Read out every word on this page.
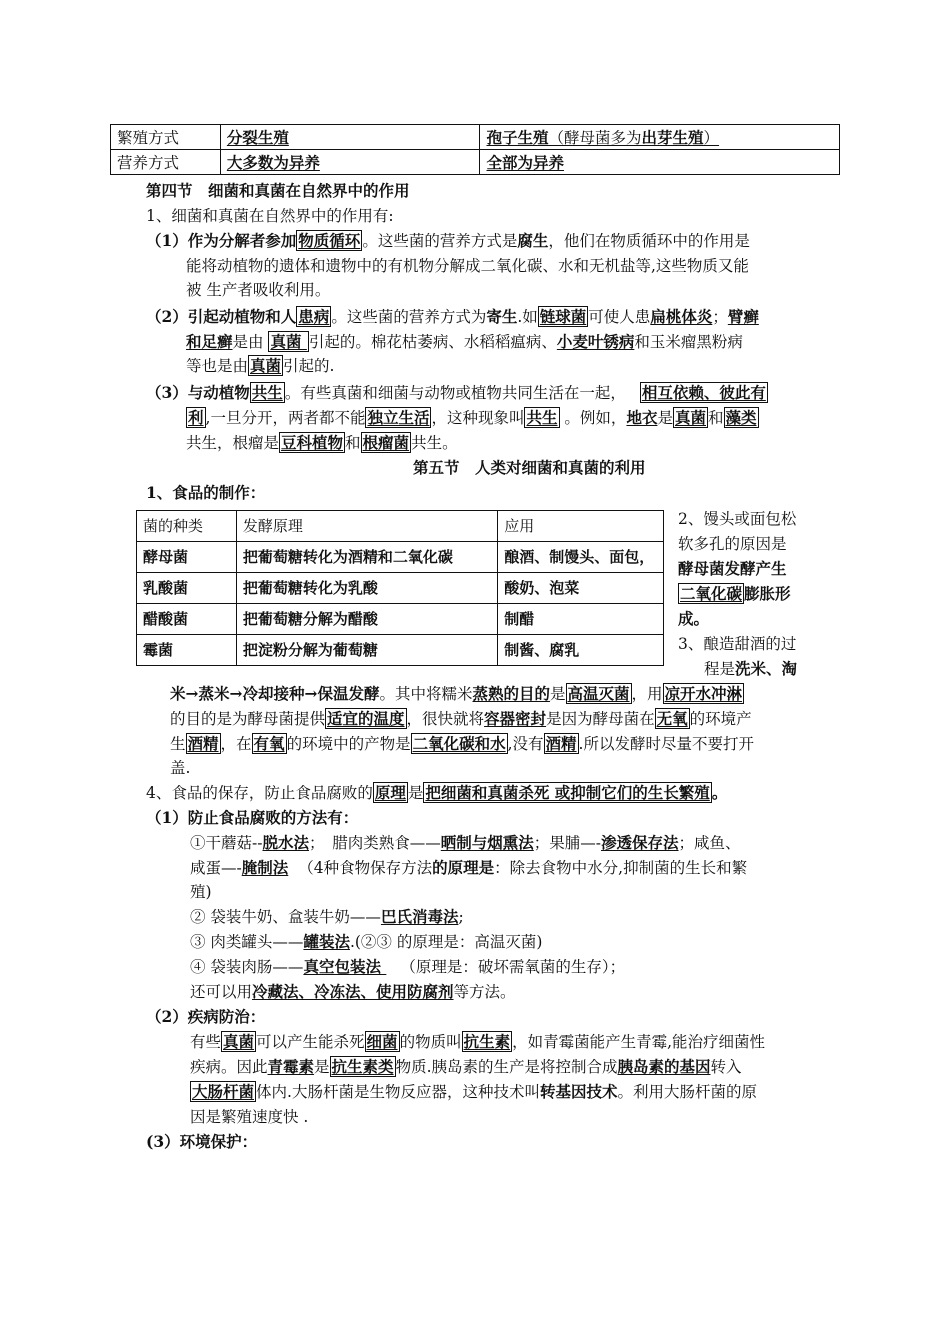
繁殖方式	分裂生殖	孢子生殖（酵母菌多为出芽生殖）
营养方式	大多数为异养	全部为异养
第四节　细菌和真菌在自然界中的作用
1、细菌和真菌在自然界中的作用有:
（1）作为分解者参加 物质循环 。这些菌的营养方式是腐生，他们在物质循环中的作用是
能将动植物的遗体和遗物中的有机物分解成二氧化碳、水和无机盐等,这些物质又能
被 生产者吸收利用。
（2）引起动植物和人 患病 。这些菌的营养方式为寄生.如 链球菌 可使人患扁桃体炎；臂癣
和足癣是由 真菌 引起的。棉花枯萎病、水稻稻瘟病、小麦叶锈病和玉米瘤黑粉病
等也是由 真菌 引起的.
（3）与动植物 共生 。有些真菌和细菌与动物或植物共同生活在一起， 相互依赖、彼此有
利 ,一旦分开，两者都不能 独立生活 ，这种现象叫 共生 。例如，地衣是 真菌 和 藻类
共生，根瘤是 豆科植物 和 根瘤菌 共生。
第五节　人类对细菌和真菌的利用
1、食品的制作：
菌的种类	发酵原理	应用
酵母菌	把葡萄糖转化为酒精和二氧化碳	酿酒、制馒头、面包，
乳酸菌	把葡萄糖转化为乳酸	酸奶、泡菜
醋酸菌	把葡萄糖分解为醋酸	制醋
霉菌	把淀粉分解为葡萄糖	制酱、腐乳
2、馒头或面包松
软多孔的原因是
酵母菌发酵产生
二氧化碳 膨胀形
成。
3、酿造甜酒的过
程是洗米、淘
米→蒸米→冷却接种→保温发酵。其中将糯米蒸熟的目的是 高温灭菌 ，用 凉开水冲淋
的目的是为酵母菌提供 适宜的温度 ，很快就将容器密封是因为酵母菌在 无氧 的环境产
生 酒精 ，在 有氧 的环境中的产物是 二氧化碳和水 ,没有 酒精 .所以发酵时尽量不要打开
盖.
4、食品的保存，防止食品腐败的 原理 是 把细菌和真菌杀死 或抑制它们的生长繁殖 。
（1）防止食品腐败的方法有：
①干蘑菇--脱水法；　腊肉类熟食——晒制与烟熏法；果脯—-渗透保存法；咸鱼、
咸蛋—-腌制法 （4种食物保存方法的原理是：除去食物中水分,抑制菌的生长和繁
殖)
② 袋装牛奶、盒装牛奶——巴氏消毒法;
③ 肉类罐头——罐装法.(②③ 的原理是：高温灭菌)
④ 袋装肉肠——真空包装法 （原理是：破坏需氧菌的生存）；
还可以用冷藏法、冷冻法、使用防腐剂等方法。
（2）疾病防治：
有些 真菌 可以产生能杀死 细菌 的物质叫 抗生素 ，如青霉菌能产生青霉,能治疗细菌性
疾病。因此青霉素是 抗生素类 物质.胰岛素的生产是将控制合成胰岛素的基因转入
大肠杆菌 体内.大肠杆菌是生物反应器，这种技术叫转基因技术。利用大肠杆菌的原
因是繁殖速度快 .
(3）环境保护：
